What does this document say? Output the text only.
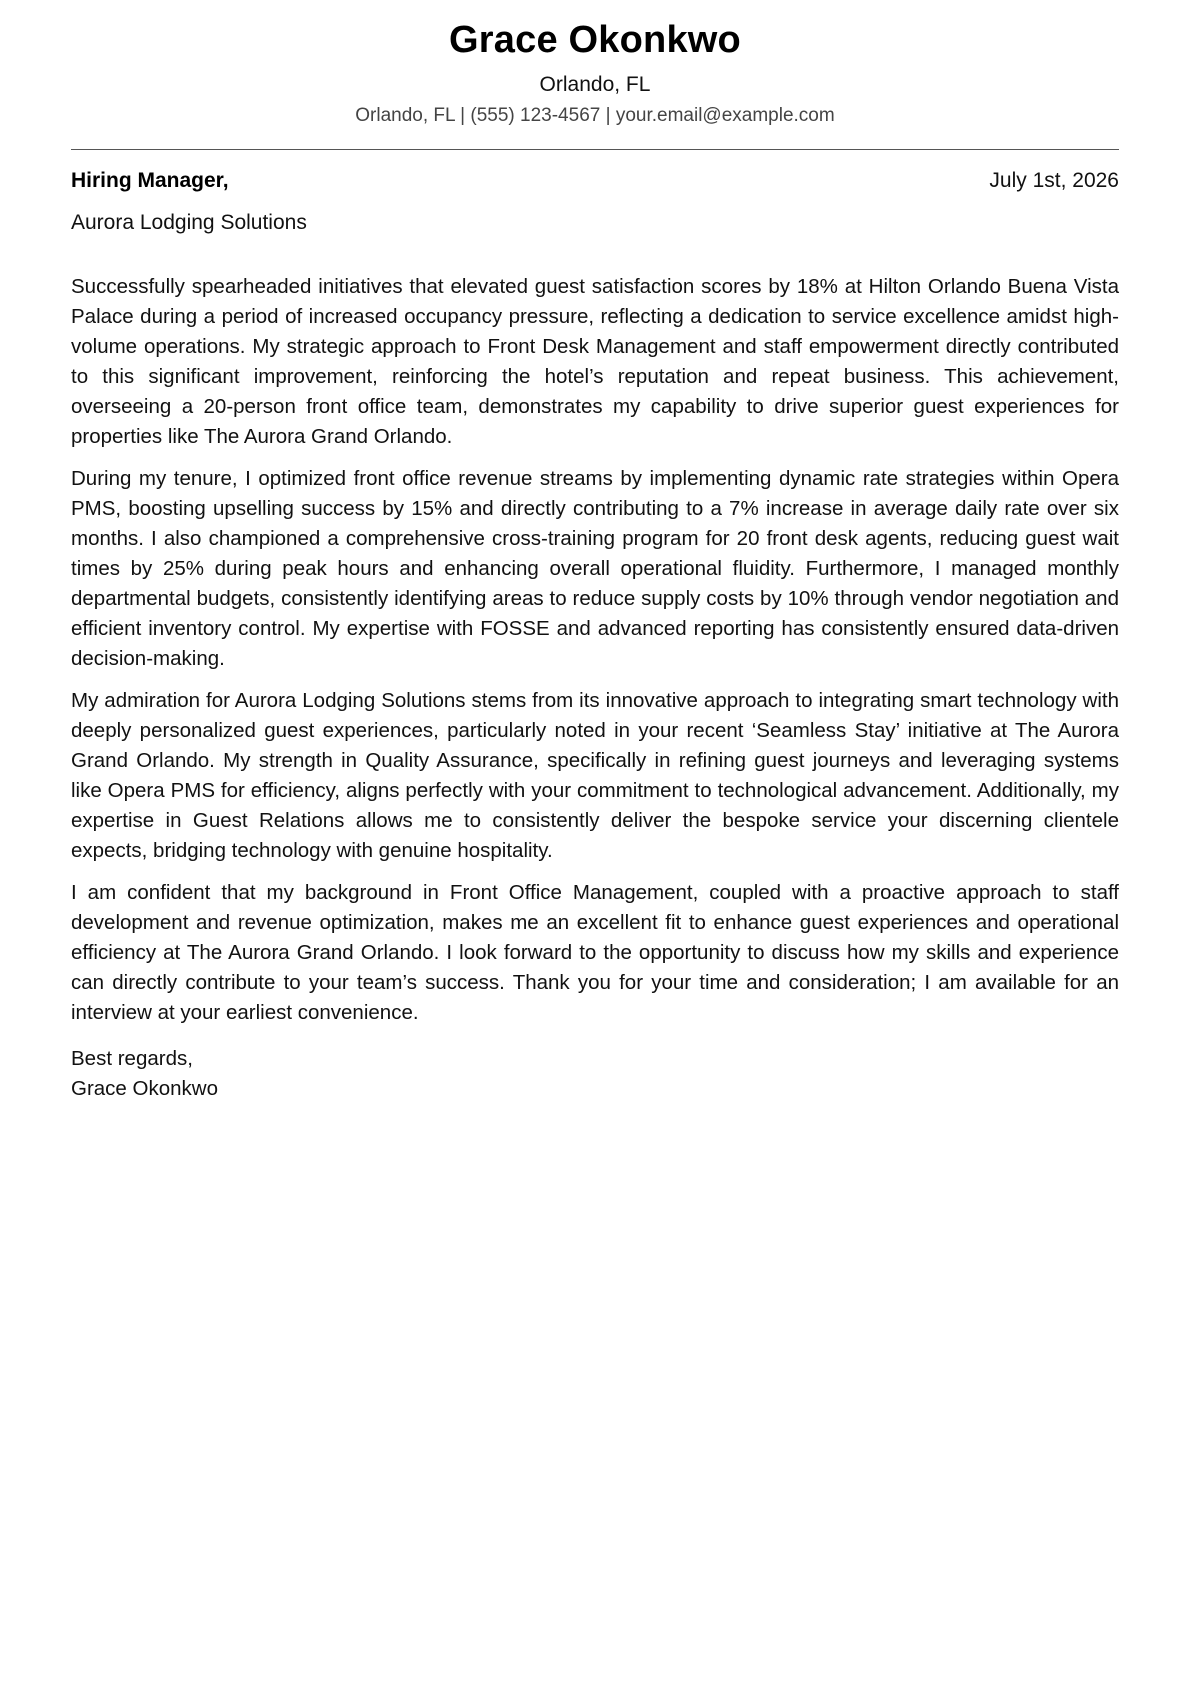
Grace Okonkwo
Orlando, FL
Orlando, FL | (555) 123-4567 | your.email@example.com
Hiring Manager,	July 1st, 2026
Aurora Lodging Solutions

Successfully spearheaded initiatives that elevated guest satisfaction scores by 18% at Hilton Orlando Buena Vista Palace during a period of increased occupancy pressure, reflecting a dedication to service excellence amidst high-volume operations. My strategic approach to Front Desk Management and staff empowerment directly contributed to this significant improvement, reinforcing the hotel’s reputation and repeat business. This achievement, overseeing a 20-person front office team, demonstrates my capability to drive superior guest experiences for properties like The Aurora Grand Orlando.

During my tenure, I optimized front office revenue streams by implementing dynamic rate strategies within Opera PMS, boosting upselling success by 15% and directly contributing to a 7% increase in average daily rate over six months. I also championed a comprehensive cross-training program for 20 front desk agents, reducing guest wait times by 25% during peak hours and enhancing overall operational fluidity. Furthermore, I managed monthly departmental budgets, consistently identifying areas to reduce supply costs by 10% through vendor negotiation and efficient inventory control. My expertise with FOSSE and advanced reporting has consistently ensured data-driven decision-making.

My admiration for Aurora Lodging Solutions stems from its innovative approach to integrating smart technology with deeply personalized guest experiences, particularly noted in your recent ‘Seamless Stay’ initiative at The Aurora Grand Orlando. My strength in Quality Assurance, specifically in refining guest journeys and leveraging systems like Opera PMS for efficiency, aligns perfectly with your commitment to technological advancement. Additionally, my expertise in Guest Relations allows me to consistently deliver the bespoke service your discerning clientele expects, bridging technology with genuine hospitality.

I am confident that my background in Front Office Management, coupled with a proactive approach to staff development and revenue optimization, makes me an excellent fit to enhance guest experiences and operational efficiency at The Aurora Grand Orlando. I look forward to the opportunity to discuss how my skills and experience can directly contribute to your team’s success. Thank you for your time and consideration; I am available for an interview at your earliest convenience.

Best regards,
Grace Okonkwo
